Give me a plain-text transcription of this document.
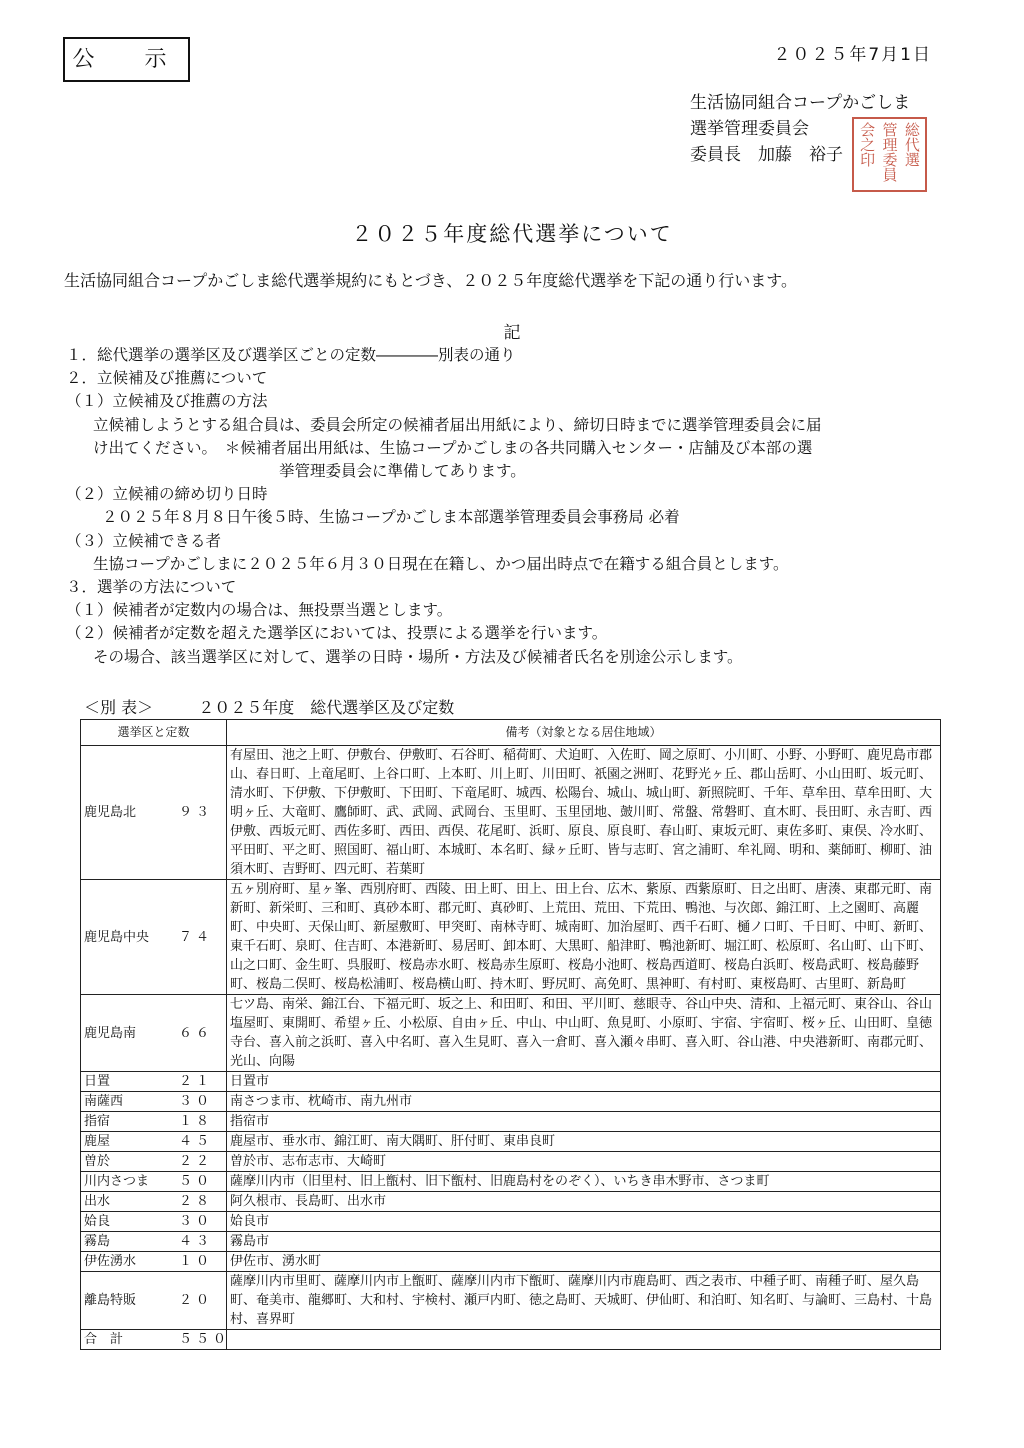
公　示	２０２５年7月1日
生活協同組合コープかごしま
選挙管理委員会
委員長　加藤　裕子	総代選
管理委員
会之印
２０２５年度総代選挙について
生活協同組合コープかごしま総代選挙規約にもとづき、２０２５年度総代選挙を下記の通り行います。
記
１．総代選挙の選挙区及び選挙区ごとの定数――――別表の通り
２．立候補及び推薦について
（１）立候補及び推薦の方法
立候補しようとする組合員は、委員会所定の候補者届出用紙により、締切日時までに選挙管理委員会に届
け出てください。　＊候補者届出用紙は、生協コープかごしまの各共同購入センター・店舗及び本部の選
挙管理委員会に準備してあります。
（２）立候補の締め切り日時
２０２５年８月８日午後５時、生協コープかごしま本部選挙管理委員会事務局 必着
（３）立候補できる者
生協コープかごしまに２０２５年６月３０日現在在籍し、かつ届出時点で在籍する組合員とします。
３．選挙の方法について
（１）候補者が定数内の場合は、無投票当選とします。
（２）候補者が定数を超えた選挙区においては、投票による選挙を行います。
その場合、該当選挙区に対して、選挙の日時・場所・方法及び候補者氏名を別途公示します。
＜別 表＞	２０２５年度　総代選挙区及び定数
選挙区と定数	備考（対象となる居住地域）
鹿児島北 ９３	有屋田、池之上町、伊敷台、伊敷町、石谷町、稲荷町、犬迫町、入佐町、岡之原町、小川町、小野、小野町、鹿児島市郡山、春日町、上竜尾町、上谷口町、上本町、川上町、川田町、祇園之洲町、花野光ヶ丘、郡山岳町、小山田町、坂元町、清水町、下伊敷、下伊敷町、下田町、下竜尾町、城西、松陽台、城山、城山町、新照院町、千年、草牟田、草牟田町、大明ヶ丘、大竜町、鷹師町、武、武岡、武岡台、玉里町、玉里団地、皷川町、常盤、常磐町、直木町、長田町、永吉町、西伊敷、西坂元町、西佐多町、西田、西俣、花尾町、浜町、原良、原良町、春山町、東坂元町、東佐多町、東俣、冷水町、平田町、平之町、照国町、福山町、本城町、本名町、緑ヶ丘町、皆与志町、宮之浦町、牟礼岡、明和、薬師町、柳町、油須木町、吉野町、四元町、若葉町
鹿児島中央 ７４	五ヶ別府町、星ヶ峯、西別府町、西陵、田上町、田上、田上台、広木、紫原、西紫原町、日之出町、唐湊、東郡元町、南新町、新栄町、三和町、真砂本町、郡元町、真砂町、上荒田、荒田、下荒田、鴨池、与次郎、錦江町、上之園町、高麗町、中央町、天保山町、新屋敷町、甲突町、南林寺町、城南町、加治屋町、西千石町、樋ノ口町、千日町、中町、新町、東千石町、泉町、住吉町、本港新町、易居町、卸本町、大黒町、船津町、鴨池新町、堀江町、松原町、名山町、山下町、山之口町、金生町、呉服町、桜島赤水町、桜島赤生原町、桜島小池町、桜島西道町、桜島白浜町、桜島武町、桜島藤野町、桜島二俣町、桜島松浦町、桜島横山町、持木町、野尻町、高免町、黒神町、有村町、東桜島町、古里町、新島町
鹿児島南 ６６	七ツ島、南栄、錦江台、下福元町、坂之上、和田町、和田、平川町、慈眼寺、谷山中央、清和、上福元町、東谷山、谷山塩屋町、東開町、希望ヶ丘、小松原、自由ヶ丘、中山、中山町、魚見町、小原町、宇宿、宇宿町、桜ヶ丘、山田町、皇徳寺台、喜入前之浜町、喜入中名町、喜入生見町、喜入一倉町、喜入瀬々串町、喜入町、谷山港、中央港新町、南郡元町、光山、向陽
日置 ２１	日置市
南薩西 ３０	南さつま市、枕崎市、南九州市
指宿 １８	指宿市
鹿屋 ４５	鹿屋市、垂水市、錦江町、南大隅町、肝付町、東串良町
曽於 ２２	曽於市、志布志市、大崎町
川内さつま ５０	薩摩川内市（旧里村、旧上甑村、旧下甑村、旧鹿島村をのぞく）、いちき串木野市、さつま町
出水 ２８	阿久根市、長島町、出水市
姶良 ３０	姶良市
霧島 ４３	霧島市
伊佐湧水 １０	伊佐市、湧水町
離島特販 ２０	薩摩川内市里町、薩摩川内市上甑町、薩摩川内市下甑町、薩摩川内市鹿島町、西之表市、中種子町、南種子町、屋久島町、奄美市、龍郷町、大和村、宇検村、瀬戸内町、徳之島町、天城町、伊仙町、和泊町、知名町、与論町、三島村、十島村、喜界町
合　計 ５５０	
